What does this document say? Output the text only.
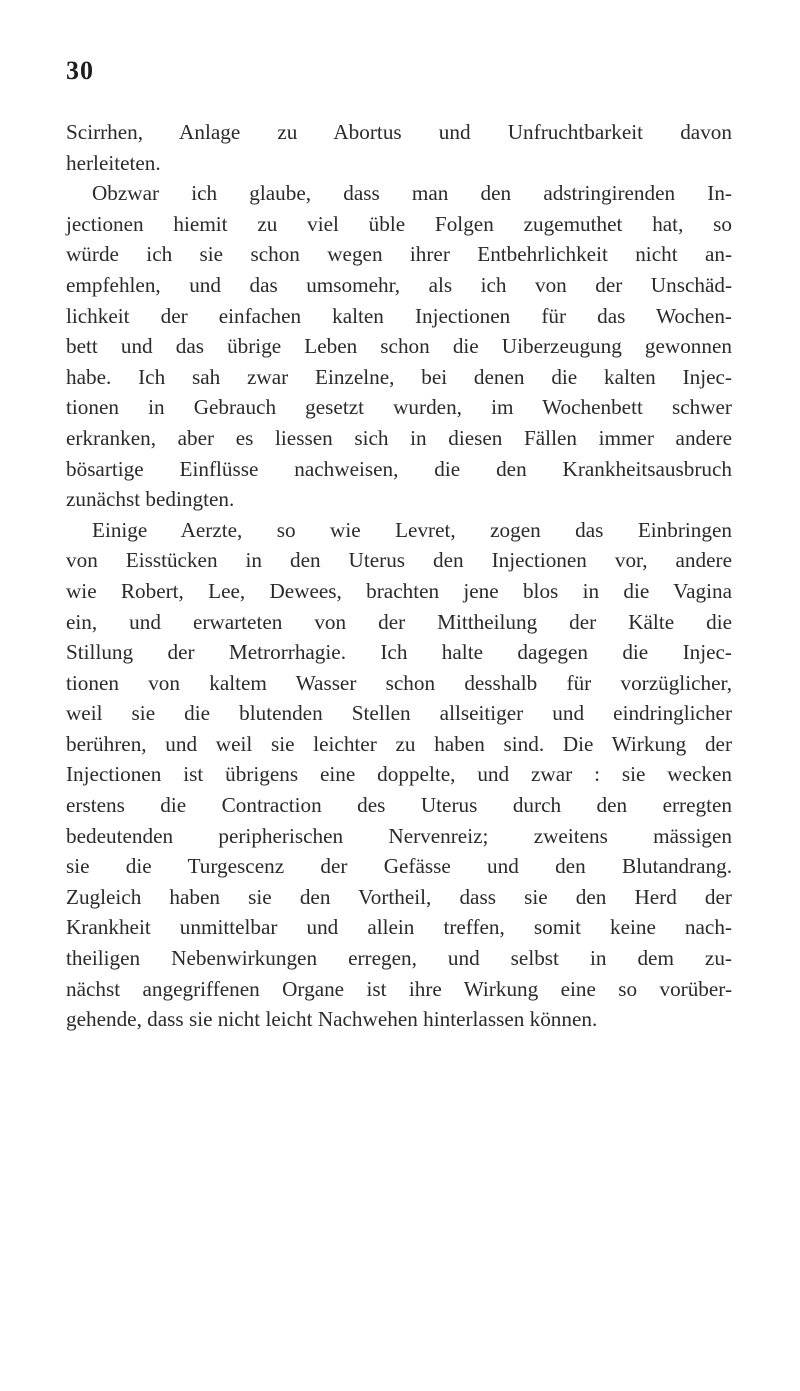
30

Scirrhen, Anlage zu Abortus und Unfruchtbarkeit davon
herleiteten.

Obzwar ich glaube, dass man den adstringirenden In-
jectionen hiemit zu viel üble Folgen zugemuthet hat, so
würde ich sie schon wegen ihrer Entbehrlichkeit nicht an-
empfehlen, und das umsomehr, als ich von der Unschäd-
lichkeit der einfachen kalten Injectionen für das Wochen-
bett und das übrige Leben schon die Uiberzeugung gewonnen
habe. Ich sah zwar Einzelne, bei denen die kalten Injec-
tionen in Gebrauch gesetzt wurden, im Wochenbett schwer
erkranken, aber es liessen sich in diesen Fällen immer andere
bösartige Einflüsse nachweisen, die den Krankheitsausbruch
zunächst bedingten.

Einige Aerzte, so wie Levret, zogen das Einbringen
von Eisstücken in den Uterus den Injectionen vor, andere
wie Robert, Lee, Dewees, brachten jene blos in die Vagina
ein, und erwarteten von der Mittheilung der Kälte die
Stillung der Metrorrhagie. Ich halte dagegen die Injec-
tionen von kaltem Wasser schon desshalb für vorzüglicher,
weil sie die blutenden Stellen allseitiger und eindringlicher
berühren, und weil sie leichter zu haben sind. Die Wirkung der
Injectionen ist übrigens eine doppelte, und zwar : sie wecken
erstens die Contraction des Uterus durch den erregten
bedeutenden peripherischen Nervenreiz; zweitens mässigen
sie die Turgescenz der Gefässe und den Blutandrang.
Zugleich haben sie den Vortheil, dass sie den Herd der
Krankheit unmittelbar und allein treffen, somit keine nach-
theiligen Nebenwirkungen erregen, und selbst in dem zu-
nächst angegriffenen Organe ist ihre Wirkung eine so vorüber-
gehende, dass sie nicht leicht Nachwehen hinterlassen können.
